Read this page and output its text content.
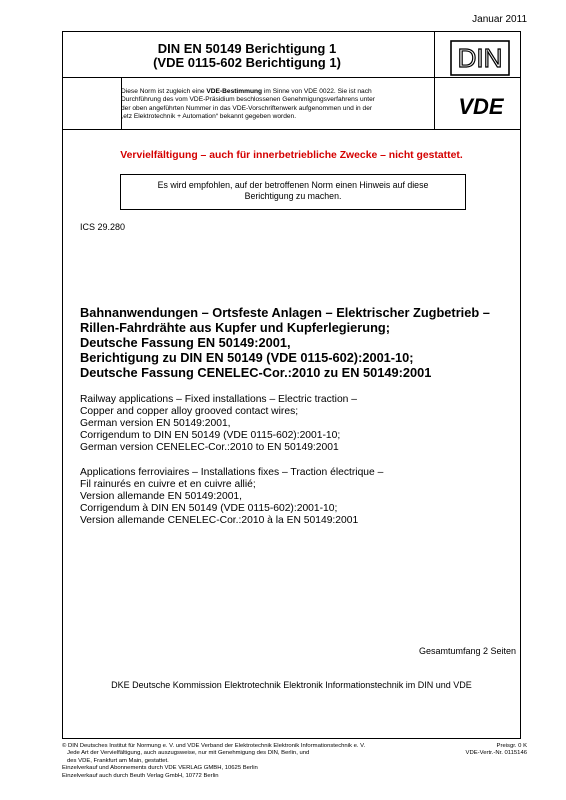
Januar 2011
DIN EN 50149 Berichtigung 1
(VDE 0115-602 Berichtigung 1)	DIN
VDE
Diese Norm ist zugleich eine VDE-Bestimmung im Sinne von VDE 0022. Sie ist nach
Durchführung des vom VDE-Präsidium beschlossenen Genehmigungsverfahrens unter
der oben angeführten Nummer in das VDE-Vorschriftenwerk aufgenommen und in der
„etz Elektrotechnik + Automation“ bekannt gegeben worden.
Vervielfältigung – auch für innerbetriebliche Zwecke – nicht gestattet.
Es wird empfohlen, auf der betroffenen Norm einen Hinweis auf diese
Berichtigung zu machen.
ICS 29.280
Bahnanwendungen – Ortsfeste Anlagen – Elektrischer Zugbetrieb –
Rillen-Fahrdrähte aus Kupfer und Kupferlegierung;
Deutsche Fassung EN 50149:2001,
Berichtigung zu DIN EN 50149 (VDE 0115-602):2001-10;
Deutsche Fassung CENELEC-Cor.:2010 zu EN 50149:2001
Railway applications – Fixed installations – Electric traction –
Copper and copper alloy grooved contact wires;
German version EN 50149:2001,
Corrigendum to DIN EN 50149 (VDE 0115-602):2001-10;
German version CENELEC-Cor.:2010 to EN 50149:2001
Applications ferroviaires – Installations fixes – Traction électrique –
Fil rainurés en cuivre et en cuivre allié;
Version allemande EN 50149:2001,
Corrigendum à DIN EN 50149 (VDE 0115-602):2001-10;
Version allemande CENELEC-Cor.:2010 à la EN 50149:2001
Gesamtumfang 2 Seiten
DKE Deutsche Kommission Elektrotechnik Elektronik Informationstechnik im DIN und VDE
© DIN Deutsches Institut für Normung e. V. und VDE Verband der Elektrotechnik Elektronik Informationstechnik e. V.
Jede Art der Vervielfältigung, auch auszugsweise, nur mit Genehmigung des DIN, Berlin, und
des VDE, Frankfurt am Main, gestattet.
Einzelverkauf und Abonnements durch VDE VERLAG GMBH, 10625 Berlin
Einzelverkauf auch durch Beuth Verlag GmbH, 10772 Berlin
Preisgr. 0 K
VDE-Vertr.-Nr. 0115146
